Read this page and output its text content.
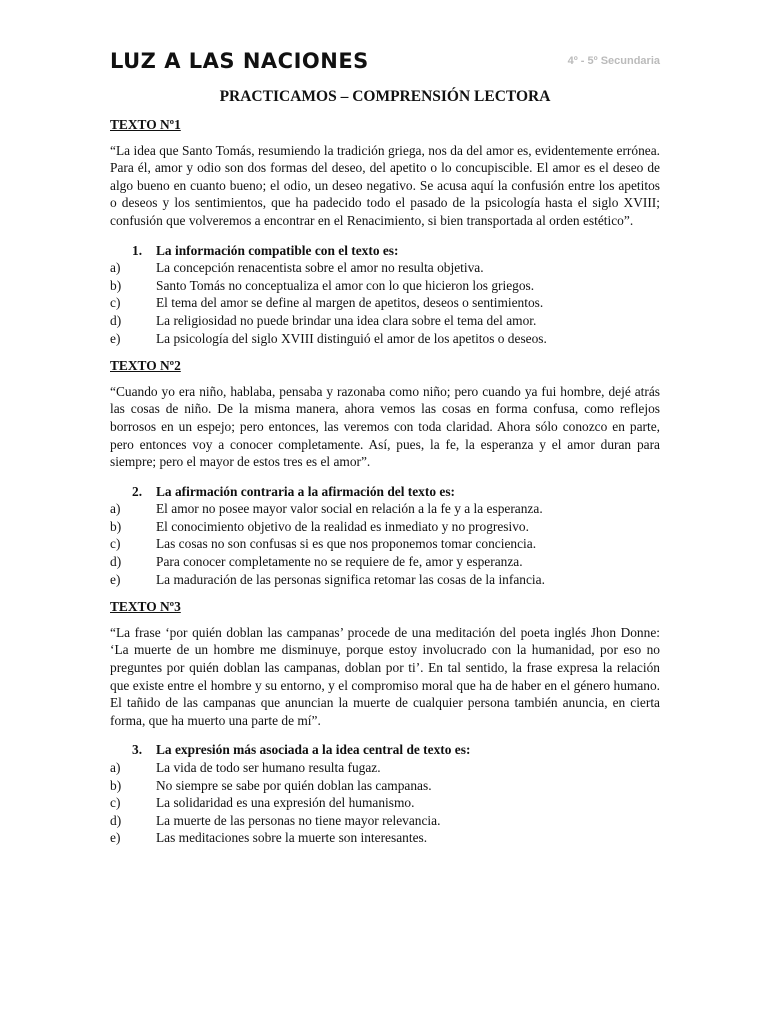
LUZ A LAS NACIONES	4º - 5º Secundaria
PRACTICAMOS – COMPRENSIÓN LECTORA
TEXTO Nº1
“La idea que Santo Tomás, resumiendo la tradición griega, nos da del amor es, evidentemente errónea. Para él, amor y odio son dos formas del deseo, del apetito o lo concupiscible. El amor es el deseo de algo bueno en cuanto bueno; el odio, un deseo negativo. Se acusa aquí la confusión entre los apetitos o deseos y los sentimientos, que ha padecido todo el pasado de la psicología hasta el siglo XVIII; confusión que volveremos a encontrar en el Renacimiento, si bien transportada al orden estético”.
1. La información compatible con el texto es:
a)	La concepción renacentista sobre el amor no resulta objetiva.
b)	Santo Tomás no conceptualiza el amor con lo que hicieron los griegos.
c)	El tema del amor se define al margen de apetitos, deseos o sentimientos.
d)	La religiosidad no puede brindar una idea clara sobre el tema del amor.
e)	La psicología del siglo XVIII distinguió el amor de los apetitos o deseos.
TEXTO Nº2
“Cuando yo era niño, hablaba, pensaba y razonaba como niño; pero cuando ya fui hombre, dejé atrás las cosas de niño. De la misma manera, ahora vemos las cosas en forma confusa, como reflejos borrosos en un espejo; pero entonces, las veremos con toda claridad. Ahora sólo conozco en parte, pero entonces voy a conocer completamente. Así, pues, la fe, la esperanza y el amor duran para siempre; pero el mayor de estos tres es el amor”.
2. La afirmación contraria a la afirmación del texto es:
a)	El amor no posee mayor valor social en relación a la fe y a la esperanza.
b)	El conocimiento objetivo de la realidad es inmediato y no progresivo.
c)	Las cosas no son confusas si es que nos proponemos tomar conciencia.
d)	Para conocer completamente no se requiere de fe, amor y esperanza.
e)	La maduración de las personas significa retomar las cosas de la infancia.
TEXTO Nº3
“La frase ‘por quién doblan las campanas’ procede de una meditación del poeta inglés Jhon Donne: ‘La muerte de un hombre me disminuye, porque estoy involucrado con la humanidad, por eso no preguntes por quién doblan las campanas, doblan por ti’. En tal sentido, la frase expresa la relación que existe entre el hombre y su entorno, y el compromiso moral que ha de haber en el género humano. El tañido de las campanas que anuncian la muerte de cualquier persona también anuncia, en cierta forma, que ha muerto una parte de mí”.
3. La expresión más asociada a la idea central de texto es:
a)	La vida de todo ser humano resulta fugaz.
b)	No siempre se sabe por quién doblan las campanas.
c)	La solidaridad es una expresión del humanismo.
d)	La muerte de las personas no tiene mayor relevancia.
e)	Las meditaciones sobre la muerte son interesantes.
